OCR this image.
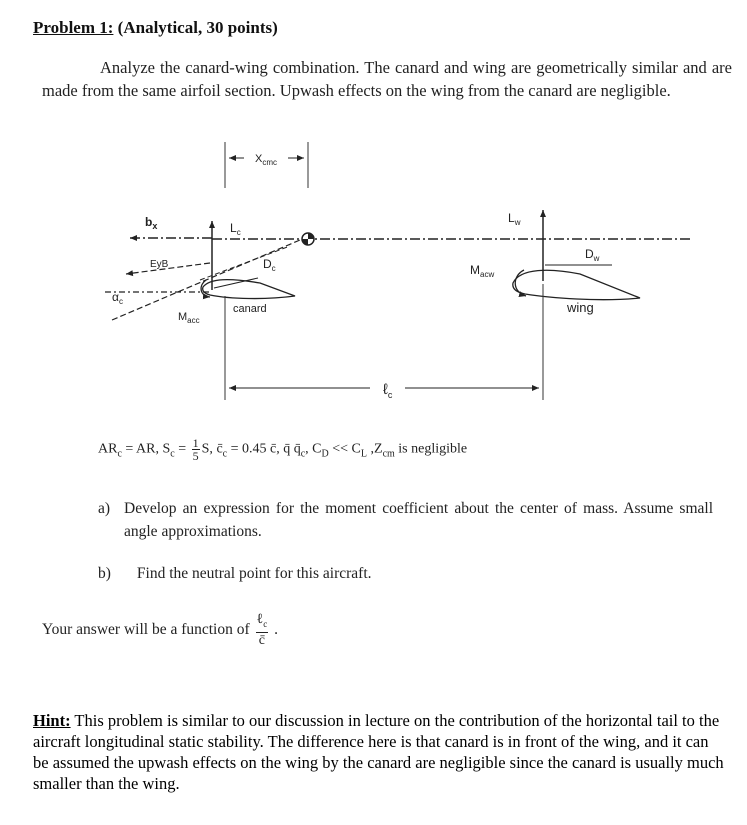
Problem 1: (Analytical, 30 points)
Analyze the canard-wing combination. The canard and wing are geometrically similar and are made from the same airfoil section. Upwash effects on the wing from the canard are negligible.
$X_{cmc}$
$b_x$
EyB
$\alpha_c$
$L_c$
$D_c$
$M_{acc}$
canard
$L_w$
$D_w$
$M_{acw}$
wing
ℓ$_c$
$AR_c$ = AR, $S_c = \frac{1}{5} S$, $c̄_c = 0.45$ c̄, q̄ $q̄_c$, $C_D << C_L$ $,Z_{cm}$ is negligible
a) Develop an expression for the moment coefficient about the center of mass. Assume small angle approximations.
b) Find the neutral point for this aircraft.
Your answer will be a function of $\frac{\ell_c}{c̄}$ .
Hint: This problem is similar to our discussion in lecture on the contribution of the horizontal tail to the aircraft longitudinal static stability. The difference here is that canard is in front of the wing, and it can be assumed the upwash effects on the wing by the canard are negligible since the canard is usually much smaller than the wing.
